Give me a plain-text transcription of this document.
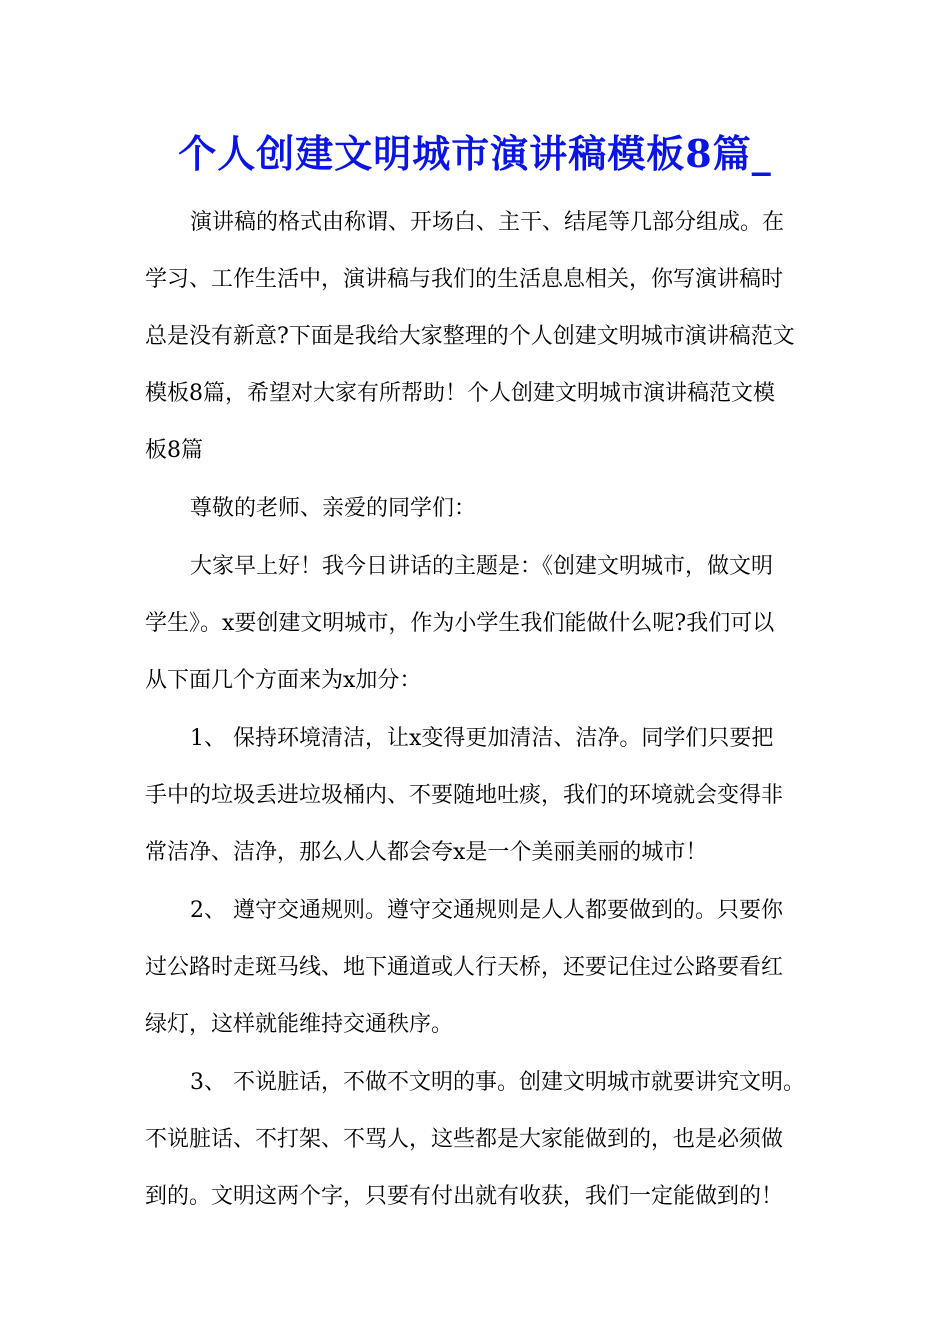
个人创建文明城市演讲稿模板8篇_
演讲稿的格式由称谓、开场白、主干、结尾等几部分组成。在
学习、工作生活中，演讲稿与我们的生活息息相关，你写演讲稿时
总是没有新意?下面是我给大家整理的个人创建文明城市演讲稿范文
模板8篇，希望对大家有所帮助！个人创建文明城市演讲稿范文模
板8篇
尊敬的老师、亲爱的同学们：
大家早上好！我今日讲话的主题是：《创建文明城市，做文明
学生》。x要创建文明城市，作为小学生我们能做什么呢?我们可以
从下面几个方面来为x加分：
1、 保持环境清洁，让x变得更加清洁、洁净。同学们只要把
手中的垃圾丢进垃圾桶内、不要随地吐痰，我们的环境就会变得非
常洁净、洁净，那么人人都会夸x是一个美丽美丽的城市！
2、 遵守交通规则。遵守交通规则是人人都要做到的。只要你
过公路时走斑马线、地下通道或人行天桥，还要记住过公路要看红
绿灯，这样就能维持交通秩序。
3、 不说脏话，不做不文明的事。创建文明城市就要讲究文明。
不说脏话、不打架、不骂人，这些都是大家能做到的，也是必须做
到的。文明这两个字，只要有付出就有收获，我们一定能做到的！
